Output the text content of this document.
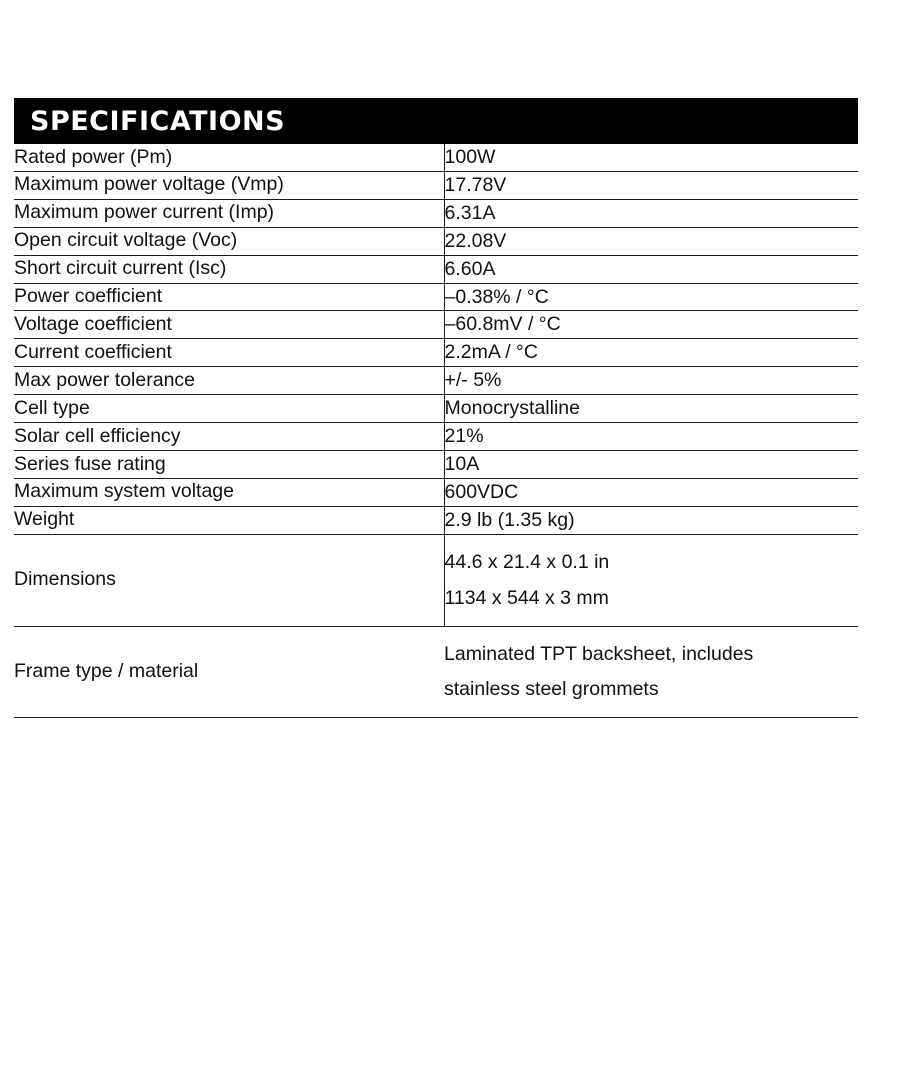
SPECIFICATIONS
Rated power (Pm)	100W
Maximum power voltage (Vmp)	17.78V
Maximum power current (Imp)	6.31A
Open circuit voltage (Voc)	22.08V
Short circuit current (Isc)	6.60A
Power coefficient	–0.38% / °C
Voltage coefficient	–60.8mV / °C
Current coefficient	2.2mA / °C
Max power tolerance	+/- 5%
Cell type	Monocrystalline
Solar cell efficiency	21%
Series fuse rating	10A
Maximum system voltage	600VDC
Weight	2.9 lb (1.35 kg)
Dimensions	44.6 x 21.4 x 0.1 in
1134 x 544 x 3 mm

Frame type / material	Laminated TPT backsheet, includes
stainless steel grommets
